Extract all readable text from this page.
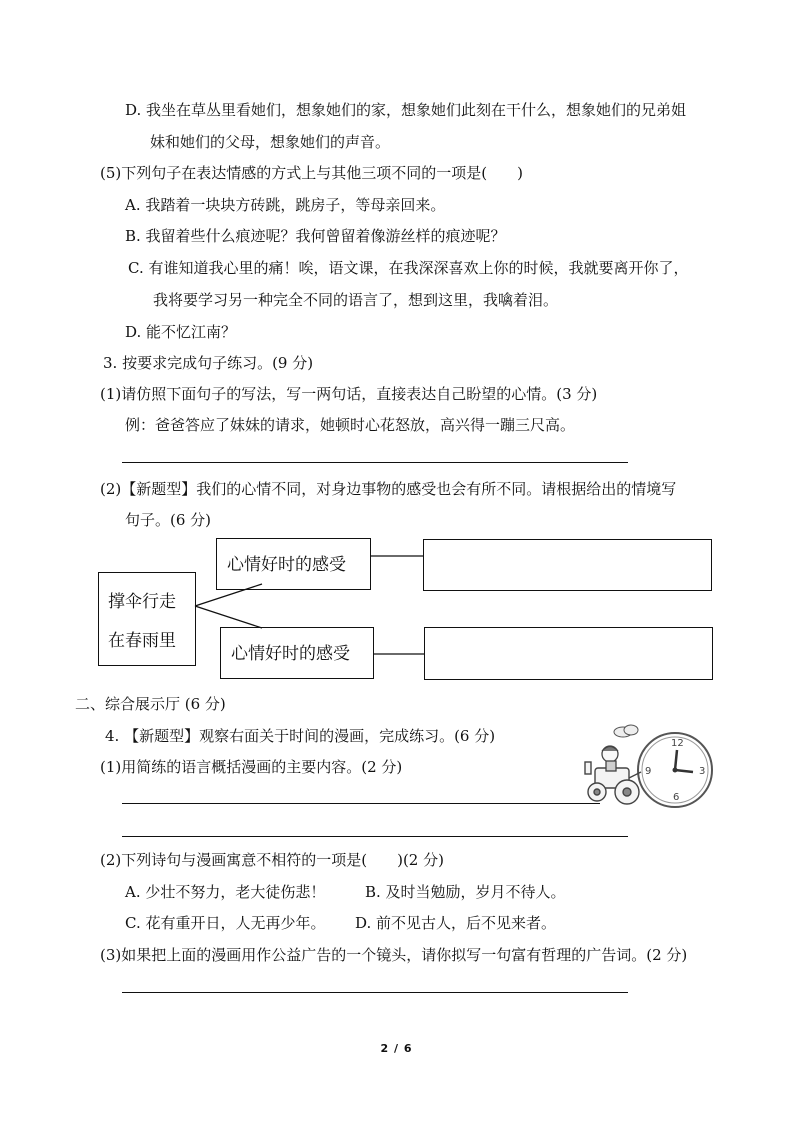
D. 我坐在草丛里看她们，想象她们的家，想象她们此刻在干什么，想象她们的兄弟姐
妹和她们的父母，想象她们的声音。
(5)下列句子在表达情感的方式上与其他三项不同的一项是(　　)
A. 我踏着一块块方砖跳，跳房子，等母亲回来。
B. 我留着些什么痕迹呢？我何曾留着像游丝样的痕迹呢？
C. 有谁知道我心里的痛！唉，语文课，在我深深喜欢上你的时候，我就要离开你了，
我将要学习另一种完全不同的语言了，想到这里，我噙着泪。
D. 能不忆江南？
3. 按要求完成句子练习。(9 分)
(1)请仿照下面句子的写法，写一两句话，直接表达自己盼望的心情。(3 分)
例：爸爸答应了妹妹的请求，她顿时心花怒放，高兴得一蹦三尺高。
(2)【新题型】我们的心情不同，对身边事物的感受也会有所不同。请根据给出的情境写
句子。(6 分)
撑伞行走
在春雨里
心情好时的感受
心情好时的感受
二、综合展示厅 (6 分)
4. 【新题型】观察右面关于时间的漫画，完成练习。(6 分)
(1)用简练的语言概括漫画的主要内容。(2 分)
12
3
6
9
(2)下列诗句与漫画寓意不相符的一项是(　　)(2 分)
A. 少壮不努力，老大徒伤悲！	B. 及时当勉励，岁月不待人。
C. 花有重开日，人无再少年。 D. 前不见古人，后不见来者。
(3)如果把上面的漫画用作公益广告的一个镜头，请你拟写一句富有哲理的广告词。(2 分)
2 / 6
